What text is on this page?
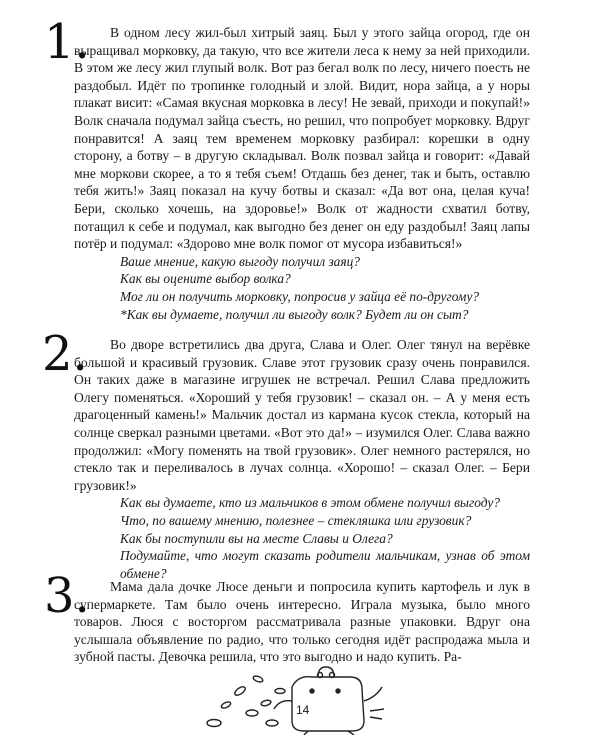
1.	В одном лесу жил-был хитрый заяц. Был у этого зайца огород, где он выращивал морковку, да такую, что все жители леса к нему за ней приходили. В этом же лесу жил глупый волк. Вот раз бегал волк по лесу, ничего поесть не раздобыл. Идёт по тропинке голодный и злой. Видит, нора зайца, а у норы плакат висит: «Самая вкусная морковка в лесу! Не зевай, приходи и покупай!» Волк сначала подумал зайца съесть, но решил, что попробует морковку. Вдруг понравится! А заяц тем временем морковку разбирал: корешки в одну сторону, а ботву – в другую складывал. Волк позвал зайца и говорит: «Давай мне моркови скорее, а то я тебя съем! Отдашь без денег, так и быть, оставлю тебя жить!» Заяц показал на кучу ботвы и сказал: «Да вот она, целая куча! Бери, сколько хочешь, на здоровье!» Волк от жадности схватил ботву, потащил к себе и подумал, как выгодно без денег он еду раздобыл! Заяц лапы потёр и подумал: «Здорово мне волк помог от мусора избавиться!»

Ваше мнение, какую выгоду получил заяц?

Как вы оцените выбор волка?

Мог ли он получить морковку, попросив у зайца её по-другому?

*Как вы думаете, получил ли выгоду волк? Будет ли он сыт?

2.	Во дворе встретились два друга, Слава и Олег. Олег тянул на верёвке большой и красивый грузовик. Славе этот грузовик сразу очень понравился. Он таких даже в магазине игрушек не встречал. Решил Слава предложить Олегу поменяться. «Хороший у тебя грузовик! – сказал он. – А у меня есть драгоценный камень!» Мальчик достал из кармана кусок стекла, который на солнце сверкал разными цветами. «Вот это да!» – изумился Олег. Слава важно продолжил: «Могу поменять на твой грузовик». Олег немного растерялся, но стекло так и переливалось в лучах солнца. «Хорошо! – сказал Олег. – Бери грузовик!»

Как вы думаете, кто из мальчиков в этом обмене получил выгоду?

Что, по вашему мнению, полезнее – стекляшка или грузовик?

Как бы поступили вы на месте Славы и Олега?

Подумайте, что могут сказать родители мальчикам, узнав об этом обмене?

3.	Мама дала дочке Люсе деньги и попросила купить картофель и лук в супермаркете. Там было очень интересно. Играла музыка, было много товаров. Люся с восторгом рассматривала разные упаковки. Вдруг она услышала объявление по радио, что только сегодня идёт распродажа мыла и зубной пасты. Девочка решила, что это выгодно и надо купить. Ра-

14
